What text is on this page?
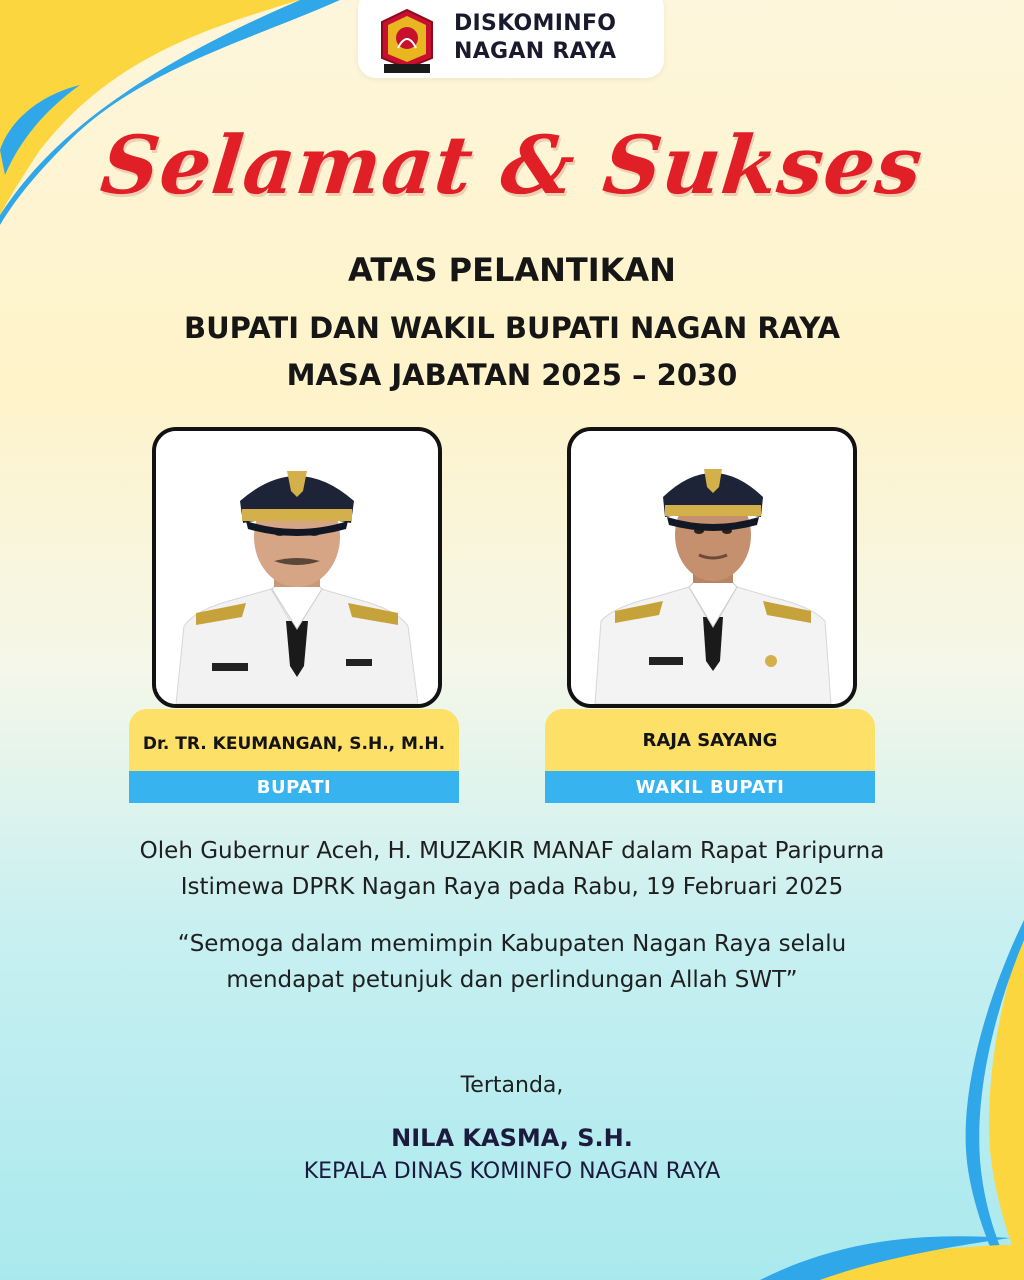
DISKOMINFO
NAGAN RAYA
Selamat & Sukses
ATAS PELANTIKAN
BUPATI DAN WAKIL BUPATI NAGAN RAYA
MASA JABATAN 2025 – 2030
Dr. TR. KEUMANGAN, S.H., M.H.
BUPATI
RAJA SAYANG
WAKIL BUPATI
Oleh Gubernur Aceh, H. MUZAKIR MANAF dalam Rapat Paripurna
Istimewa DPRK Nagan Raya pada Rabu, 19 Februari 2025
“Semoga dalam memimpin Kabupaten Nagan Raya selalu
mendapat petunjuk dan perlindungan Allah SWT”
Tertanda,
NILA KASMA, S.H.
KEPALA DINAS KOMINFO NAGAN RAYA
